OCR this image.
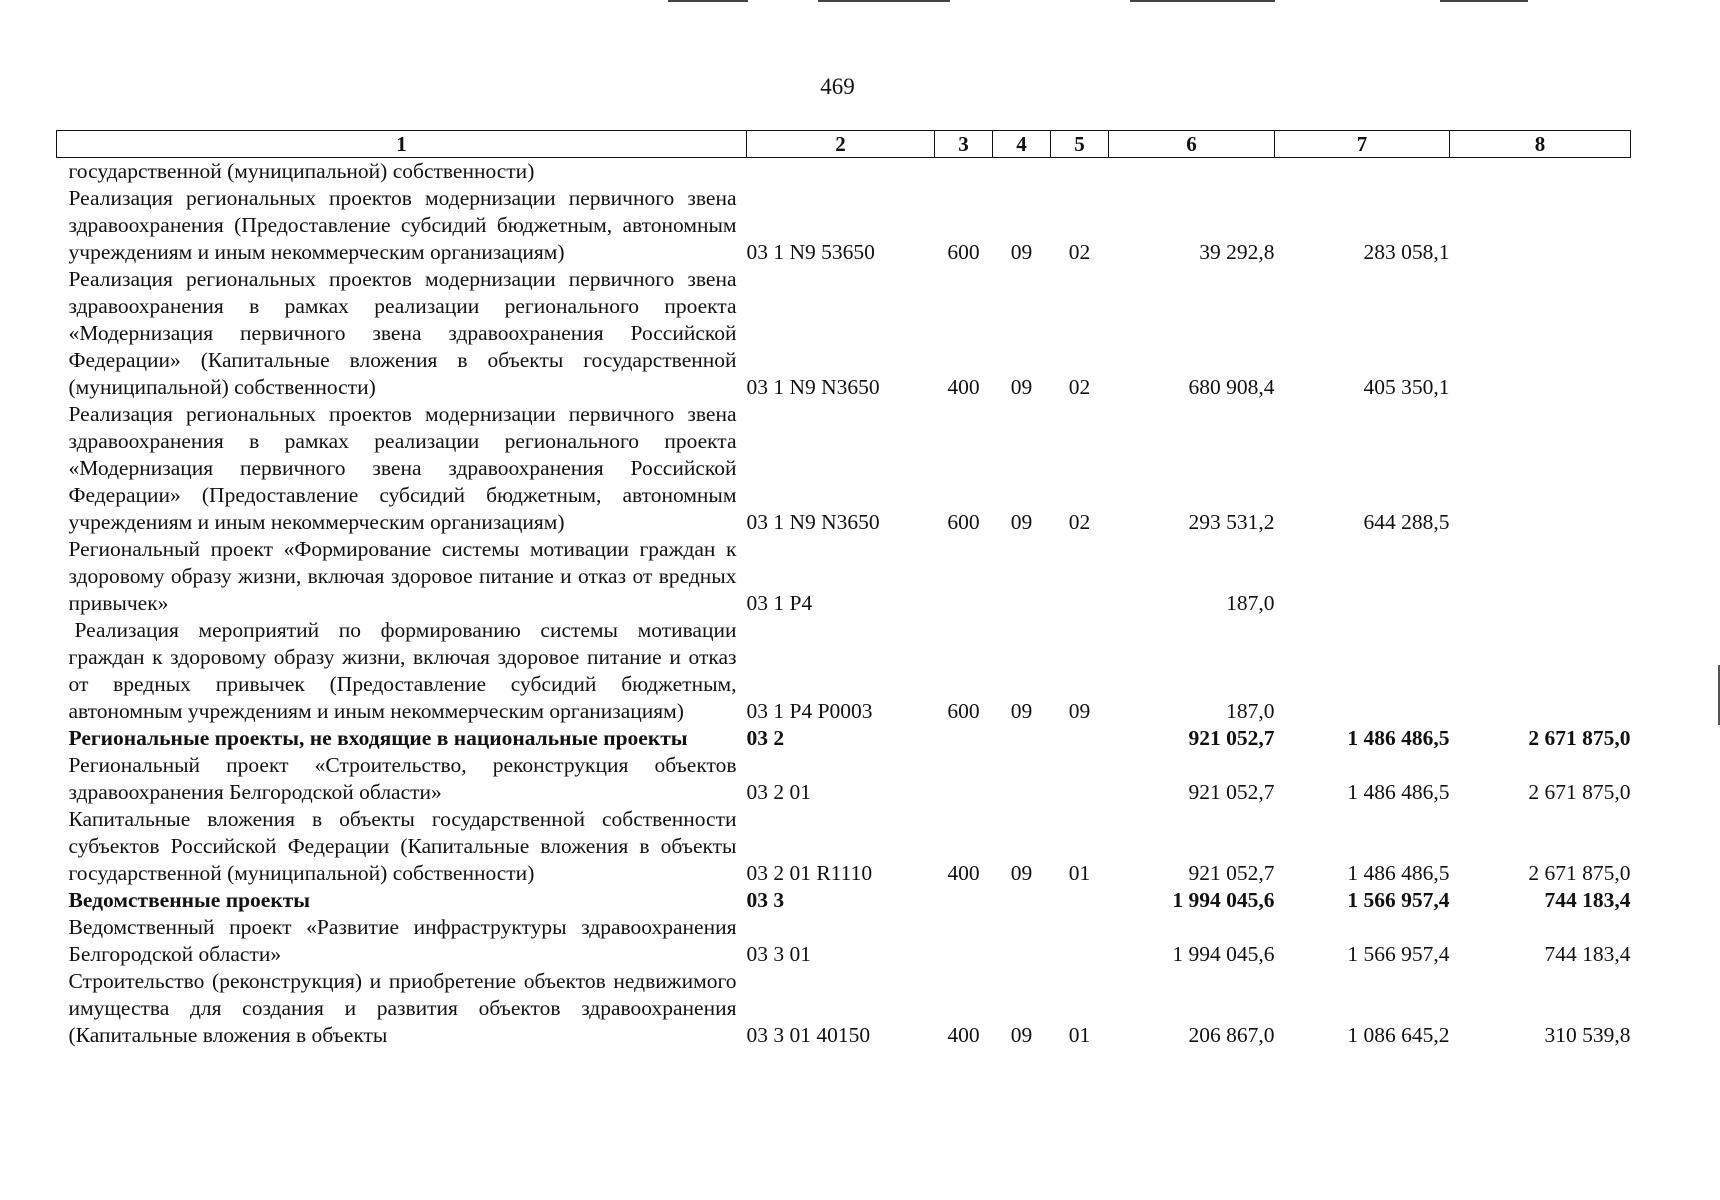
469
1	2	3	4	5	6	7	8
государственной (муниципальной) собственности)							
Реализация региональных проектов модернизации первичного звена здравоохранения (Предоставление субсидий бюджетным, автономным учреждениям и иным некоммерческим организациям)	03 1 N9 53650	600	09	02	39 292,8	283 058,1	
Реализация региональных проектов модернизации первичного звена здравоохранения в рамках реализации регионального проекта «Модернизация первичного звена здравоохранения Российской Федерации» (Капитальные вложения в объекты государственной (муниципальной) собственности)	03 1 N9 N3650	400	09	02	680 908,4	405 350,1	
Реализация региональных проектов модернизации первичного звена здравоохранения в рамках реализации регионального проекта «Модернизация первичного звена здравоохранения Российской Федерации» (Предоставление субсидий бюджетным, автономным учреждениям и иным некоммерческим организациям)	03 1 N9 N3650	600	09	02	293 531,2	644 288,5	
Региональный проект «Формирование системы мотивации граждан к здоровому образу жизни, включая здоровое питание и отказ от вредных привычек»	03 1 P4				187,0		
Реализация мероприятий по формированию системы мотивации граждан к здоровому образу жизни, включая здоровое питание и отказ от вредных привычек (Предоставление субсидий бюджетным, автономным учреждениям и иным некоммерческим организациям)	03 1 P4 P0003	600	09	09	187,0		
Региональные проекты, не входящие в национальные проекты	03 2				921 052,7	1 486 486,5	2 671 875,0
Региональный проект «Строительство, реконструкция объектов здравоохранения Белгородской области»	03 2 01				921 052,7	1 486 486,5	2 671 875,0
Капитальные вложения в объекты государственной собственности субъектов Российской Федерации (Капитальные вложения в объекты государственной (муниципальной) собственности)	03 2 01 R1110	400	09	01	921 052,7	1 486 486,5	2 671 875,0
Ведомственные проекты	03 3				1 994 045,6	1 566 957,4	744 183,4
Ведомственный проект «Развитие инфраструктуры здравоохранения Белгородской области»	03 3 01				1 994 045,6	1 566 957,4	744 183,4
Строительство (реконструкция) и приобретение объектов недвижимого имущества для создания и развития объектов здравоохранения (Капитальные вложения в объекты	03 3 01 40150	400	09	01	206 867,0	1 086 645,2	310 539,8
